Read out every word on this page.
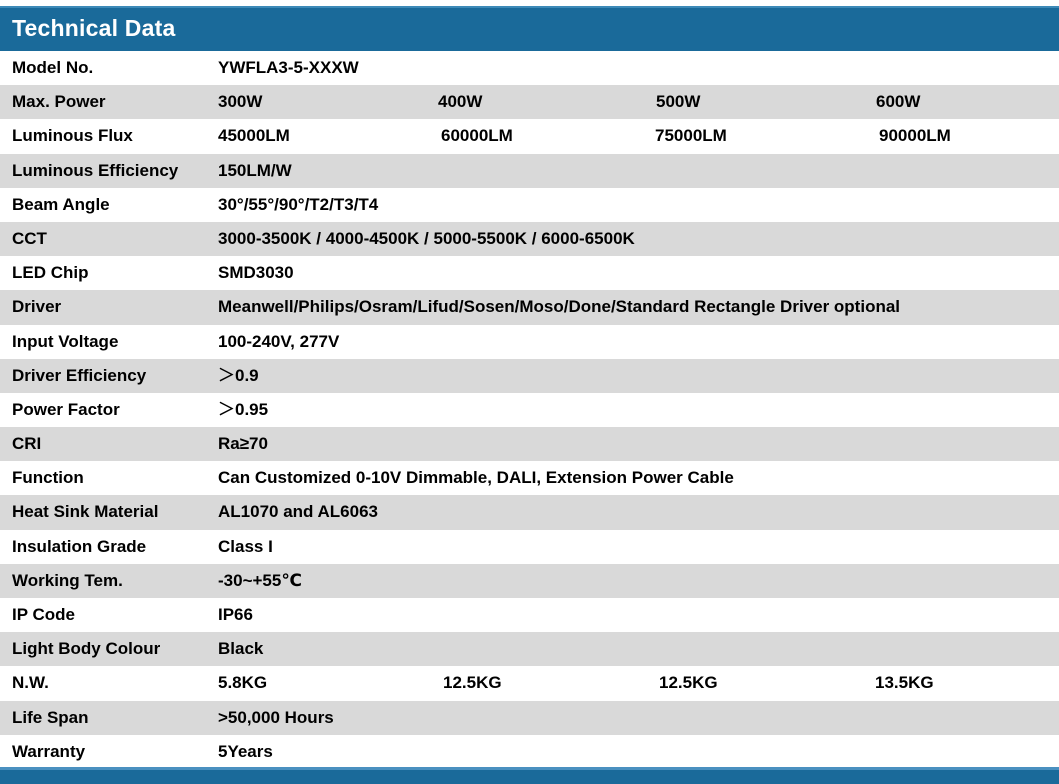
Technical Data
Model No.	YWFLA3-5-XXXW
Max. Power	300W	400W	500W	600W
Luminous Flux	45000LM	60000LM	75000LM	90000LM
Luminous Efficiency 150LM/W
Beam Angle	30°/55°/90°/T2/T3/T4
CCT	3000-3500K / 4000-4500K / 5000-5500K / 6000-6500K
LED Chip	SMD3030
Driver	Meanwell/Philips/Osram/Lifud/Sosen/Moso/Done/Standard Rectangle Driver optional
Input Voltage	100-240V, 277V
Driver Efficiency	＞0.9
Power Factor	＞0.95
CRI	Ra≥70
Function	Can Customized 0-10V Dimmable, DALI, Extension Power Cable
Heat Sink Material	AL1070 and AL6063
Insulation Grade	Class I
Working Tem.	-30~+55℃
IP Code	IP66
Light Body Colour	Black
N.W.	5.8KG	12.5KG	12.5KG	13.5KG
Life Span	>50,000 Hours
Warranty	5Years
